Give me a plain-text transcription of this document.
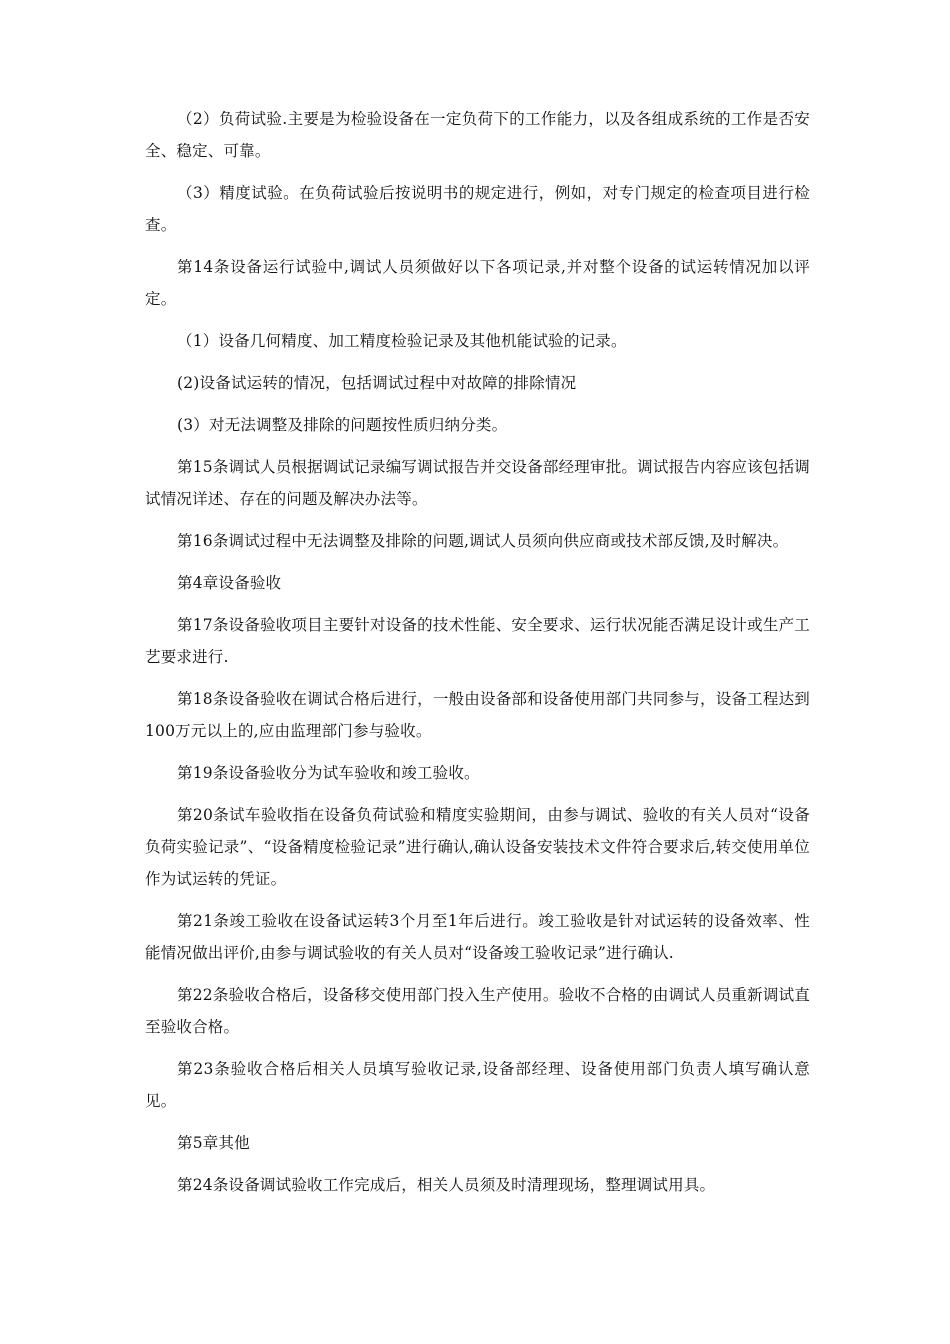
（2）负荷试验.主要是为检验设备在一定负荷下的工作能力，以及各组成系统的工作是否安全、稳定、可靠。

（3）精度试验。在负荷试验后按说明书的规定进行，例如，对专门规定的检查项目进行检查。

第14条设备运行试验中,调试人员须做好以下各项记录,并对整个设备的试运转情况加以评定。

（1）设备几何精度、加工精度检验记录及其他机能试验的记录。

(2)设备试运转的情况，包括调试过程中对故障的排除情况

(3）对无法调整及排除的问题按性质归纳分类。

第15条调试人员根据调试记录编写调试报告并交设备部经理审批。调试报告内容应该包括调试情况详述、存在的问题及解决办法等。

第16条调试过程中无法调整及排除的问题,调试人员须向供应商或技术部反馈,及时解决。

第4章设备验收

第17条设备验收项目主要针对设备的技术性能、安全要求、运行状况能否满足设计或生产工艺要求进行.

第18条设备验收在调试合格后进行，一般由设备部和设备使用部门共同参与，设备工程达到100万元以上的,应由监理部门参与验收。

第19条设备验收分为试车验收和竣工验收。

第20条试车验收指在设备负荷试验和精度实验期间，由参与调试、验收的有关人员对“设备负荷实验记录”、“设备精度检验记录”进行确认,确认设备安装技术文件符合要求后,转交使用单位作为试运转的凭证。

第21条竣工验收在设备试运转3个月至1年后进行。竣工验收是针对试运转的设备效率、性能情况做出评价,由参与调试验收的有关人员对“设备竣工验收记录”进行确认.

第22条验收合格后，设备移交使用部门投入生产使用。验收不合格的由调试人员重新调试直至验收合格。

第23条验收合格后相关人员填写验收记录,设备部经理、设备使用部门负责人填写确认意见。

第5章其他

第24条设备调试验收工作完成后，相关人员须及时清理现场，整理调试用具。
